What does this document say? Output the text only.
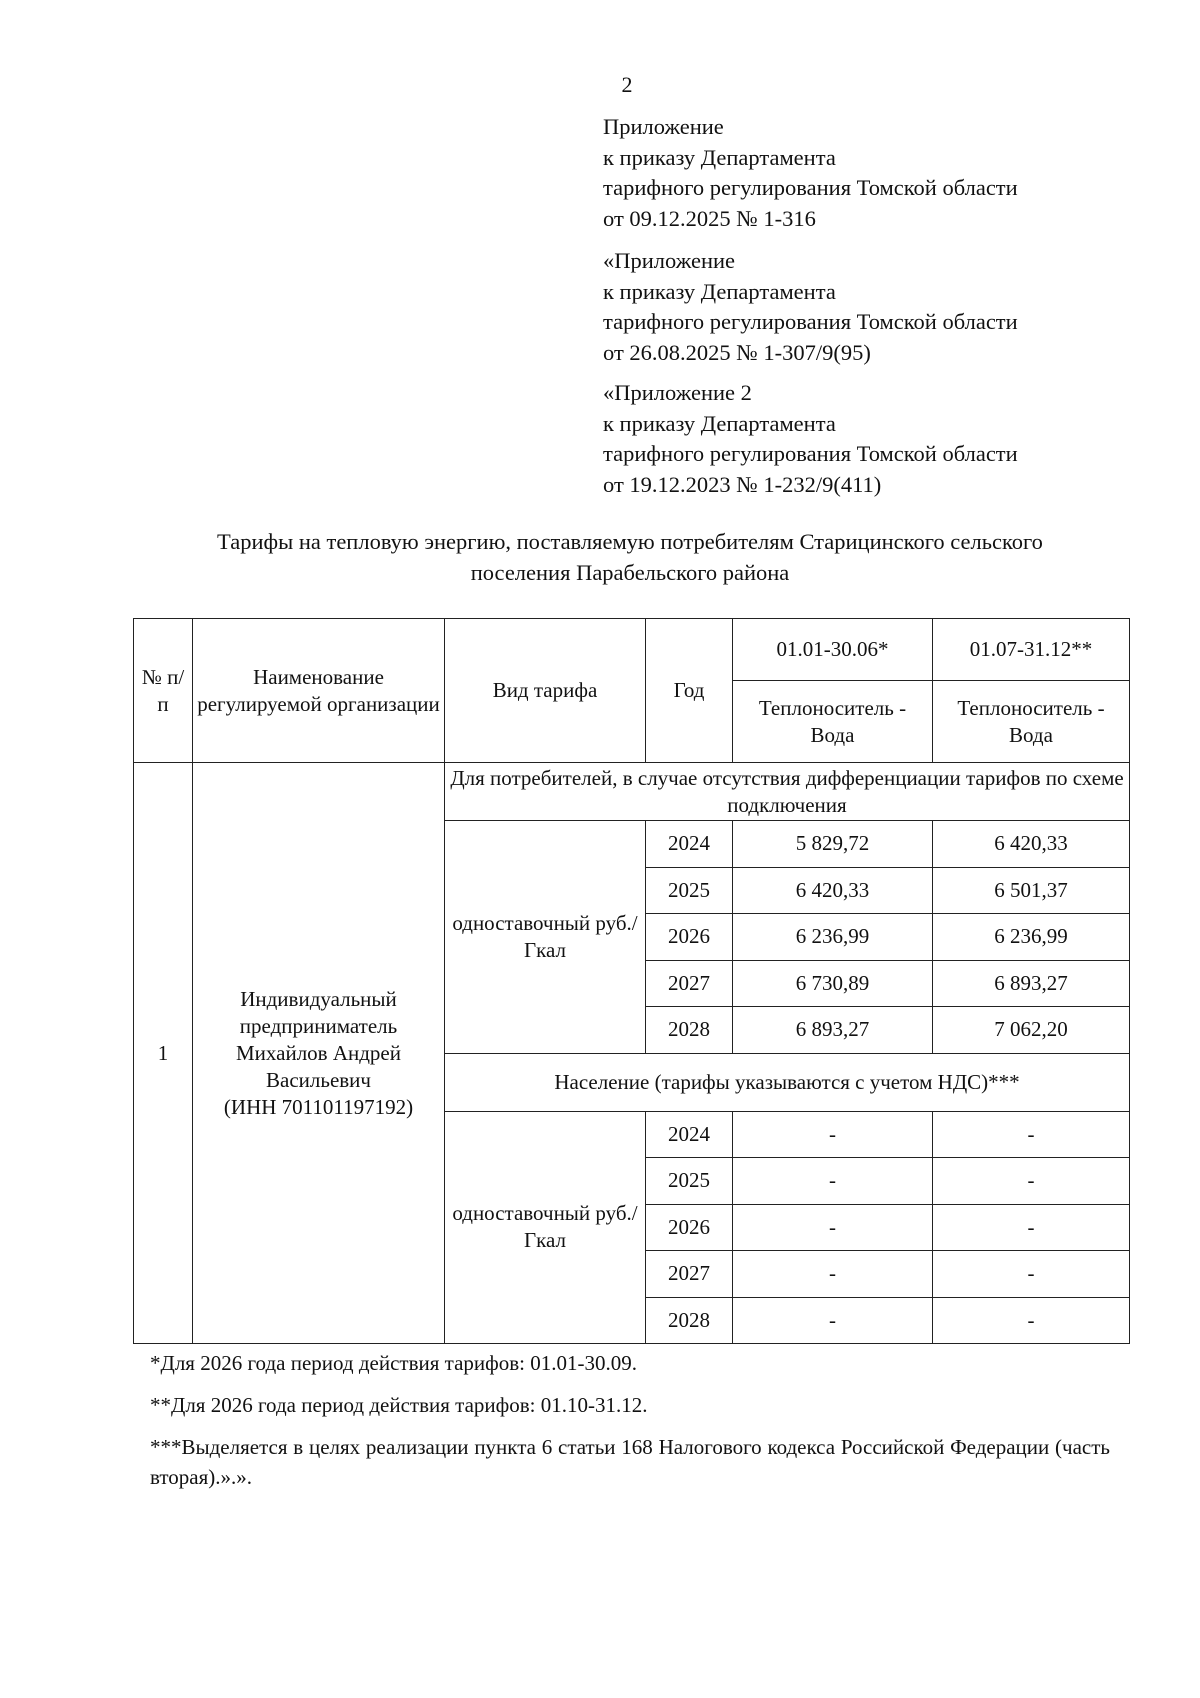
2
Приложение
к приказу Департамента
тарифного регулирования Томской области
от 09.12.2025 № 1-316
«Приложение
к приказу Департамента
тарифного регулирования Томской области
от 26.08.2025 № 1-307/9(95)
«Приложение 2
к приказу Департамента
тарифного регулирования Томской области
от 19.12.2023 № 1-232/9(411)
Тарифы на тепловую энергию, поставляемую потребителям Старицинского сельского
поселения Парабельского района
№ п/п	Наименование регулируемой организации	Вид тарифа	Год	01.01-30.06*	01.07-31.12**
				Теплоноситель - Вода	Теплоноситель - Вода
1	Индивидуальный
предприниматель
Михайлов Андрей
Васильевич
(ИНН 701101197192)	Для потребителей, в случае отсутствия дифференциации тарифов по схеме подключения			
		одноставочный руб./Гкал	2024	5 829,72	6 420,33
			2025	6 420,33	6 501,37
			2026	6 236,99	6 236,99
			2027	6 730,89	6 893,27
			2028	6 893,27	7 062,20
		Население (тарифы указываются с учетом НДС)***			
		одноставочный руб./Гкал	2024	-	-
			2025	-	-
			2026	-	-
			2027	-	-
			2028	-	-

*Для 2026 года период действия тарифов: 01.01-30.09.

**Для 2026 года период действия тарифов: 01.10-31.12.

***Выделяется в целях реализации пункта 6 статьи 168 Налогового кодекса Российской Федерации (часть вторая).».».
